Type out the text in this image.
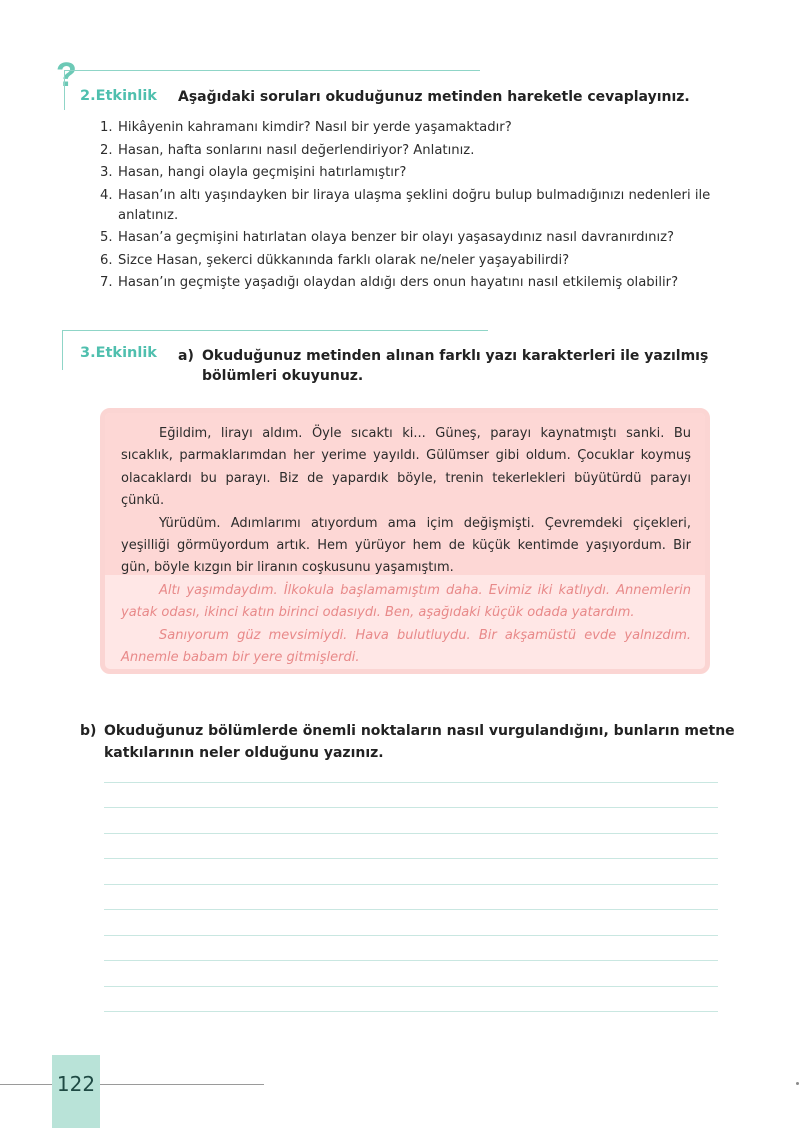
?
2.Etkinlik Aşağıdaki soruları okuduğunuz metinden hareketle cevaplayınız.
1. Hikâyenin kahramanı kimdir? Nasıl bir yerde yaşamaktadır?
2. Hasan, hafta sonlarını nasıl değerlendiriyor? Anlatınız.
3. Hasan, hangi olayla geçmişini hatırlamıştır?
4. Hasan’ın altı yaşındayken bir liraya ulaşma şeklini doğru bulup bulmadığınızı nedenleri ile anlatınız.
5. Hasan’a geçmişini hatırlatan olaya benzer bir olayı yaşasaydınız nasıl davranırdınız?
6. Sizce Hasan, şekerci dükkanında farklı olarak ne/neler yaşayabilirdi?
7. Hasan’ın geçmişte yaşadığı olaydan aldığı ders onun hayatını nasıl etkilemiş olabilir?
3.Etkinlik a) Okuduğunuz metinden alınan farklı yazı karakterleri ile yazılmış bölümleri okuyunuz.

Eğildim, lirayı aldım. Öyle sıcaktı ki... Güneş, parayı kaynatmıştı sanki. Bu sıcaklık, parmaklarımdan her yerime yayıldı. Gülümser gibi oldum. Çocuklar koymuş olacaklardı bu parayı. Biz de yapardık böyle, trenin tekerlekleri büyütürdü parayı çünkü.

Yürüdüm. Adımlarımı atıyordum ama içim değişmişti. Çevremdeki çiçekleri, yeşilliği görmüyordum artık. Hem yürüyor hem de küçük kentimde yaşıyordum. Bir gün, böyle kızgın bir liranın coşkusunu yaşamıştım.

Altı yaşımdaydım. İlkokula başlamamıştım daha. Evimiz iki katlıydı. Annemlerin yatak odası, ikinci katın birinci odasıydı. Ben, aşağıdaki küçük odada yatardım.

Sanıyorum güz mevsimiydi. Hava bulutluydu. Bir akşamüstü evde yalnızdım. Annemle babam bir yere gitmişlerdi.

b) Okuduğunuz bölümlerde önemli noktaların nasıl vurgulandığını, bunların metne katkılarının neler olduğunu yazınız.
122
